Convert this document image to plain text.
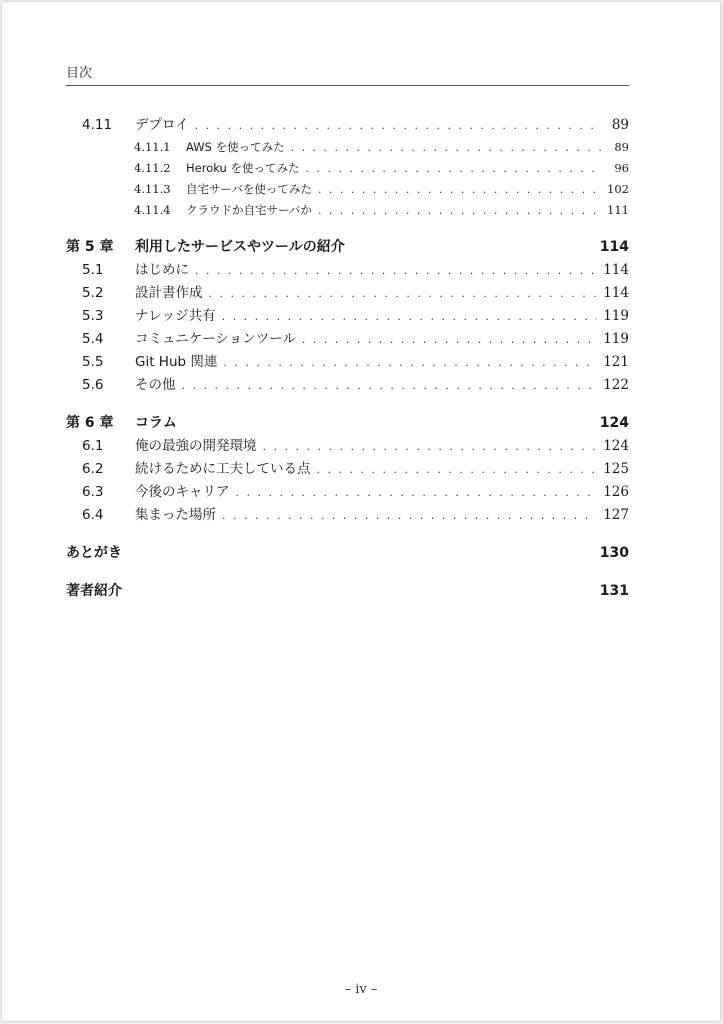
目次
4.11	デプロイ . . .	89
4.11.1	AWS を使ってみた . . .	89
4.11.2	Heroku を使ってみた . . .	96
4.11.3	自宅サーバを使ってみた . . .	102
4.11.4	クラウドか自宅サーバか . . .	111
第 5 章	利用したサービスやツールの紹介	114
5.1	はじめに . . .	114
5.2	設計書作成 . . .	114
5.3	ナレッジ共有 . . .	119
5.4	コミュニケーションツール . . .	119
5.5	Git Hub 関連 . . .	121
5.6	その他 . . .	122
第 6 章	コラム	124
6.1	俺の最強の開発環境 . . .	124
6.2	続けるために工夫している点 . . .	125
6.3	今後のキャリア . . .	126
6.4	集まった場所 . . .	127
あとがき	130
著者紹介	131
– iv –
